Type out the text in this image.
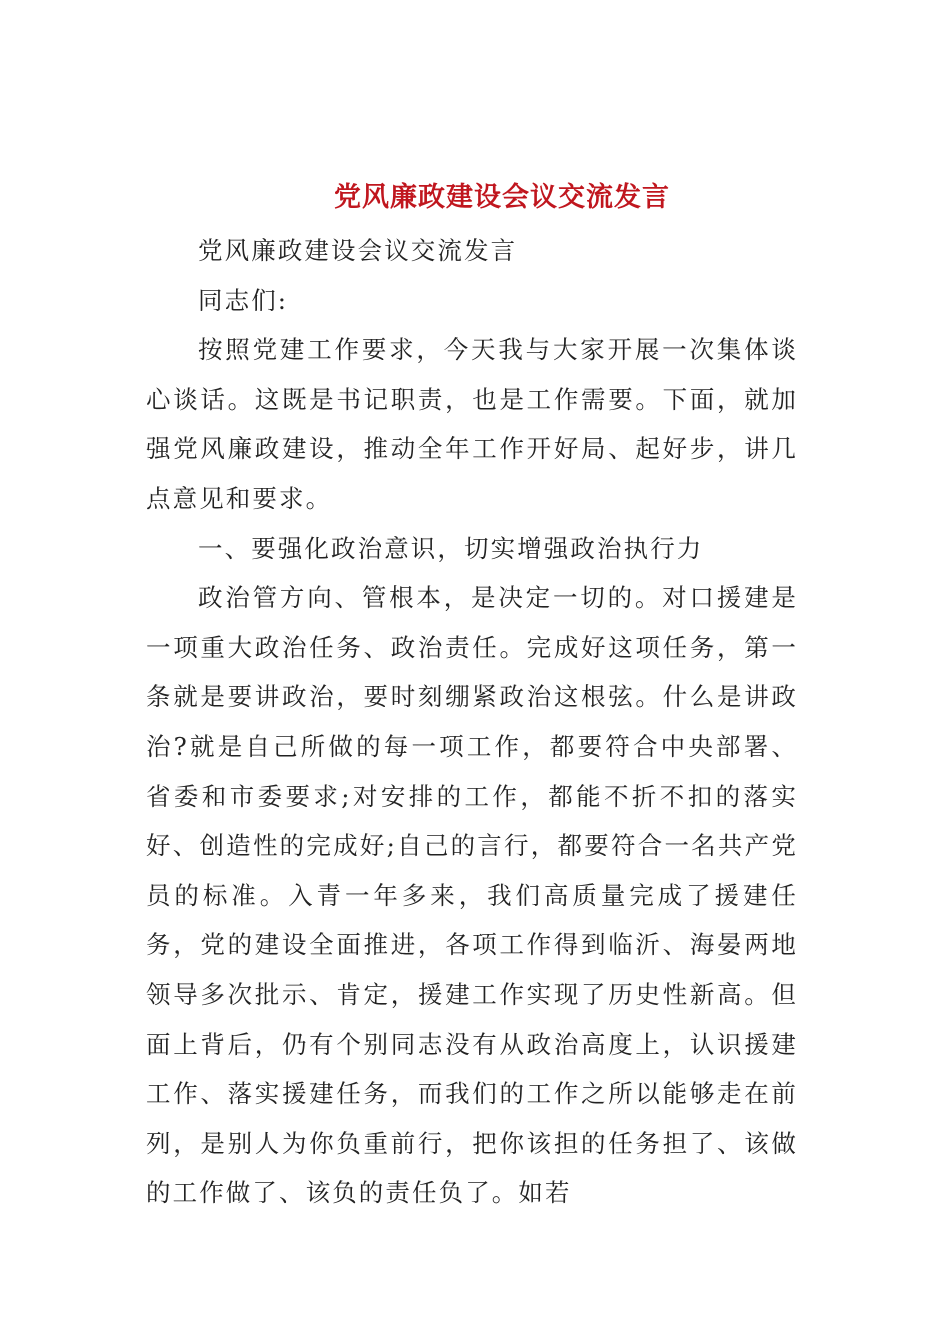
党风廉政建设会议交流发言

党风廉政建设会议交流发言

同志们:

按照党建工作要求，今天我与大家开展一次集体谈心谈话。这既是书记职责，也是工作需要。下面，就加强党风廉政建设，推动全年工作开好局、起好步，讲几点意见和要求。

一、要强化政治意识，切实增强政治执行力

政治管方向、管根本，是决定一切的。对口援建是一项重大政治任务、政治责任。完成好这项任务，第一条就是要讲政治，要时刻绷紧政治这根弦。什么是讲政治?就是自己所做的每一项工作，都要符合中央部署、省委和市委要求;对安排的工作，都能不折不扣的落实好、创造性的完成好;自己的言行，都要符合一名共产党员的标准。入青一年多来，我们高质量完成了援建任务，党的建设全面推进，各项工作得到临沂、海晏两地领导多次批示、肯定，援建工作实现了历史性新高。但面上背后，仍有个别同志没有从政治高度上，认识援建工作、落实援建任务，而我们的工作之所以能够走在前列，是别人为你负重前行，把你该担的任务担了、该做的工作做了、该负的责任负了。如若
